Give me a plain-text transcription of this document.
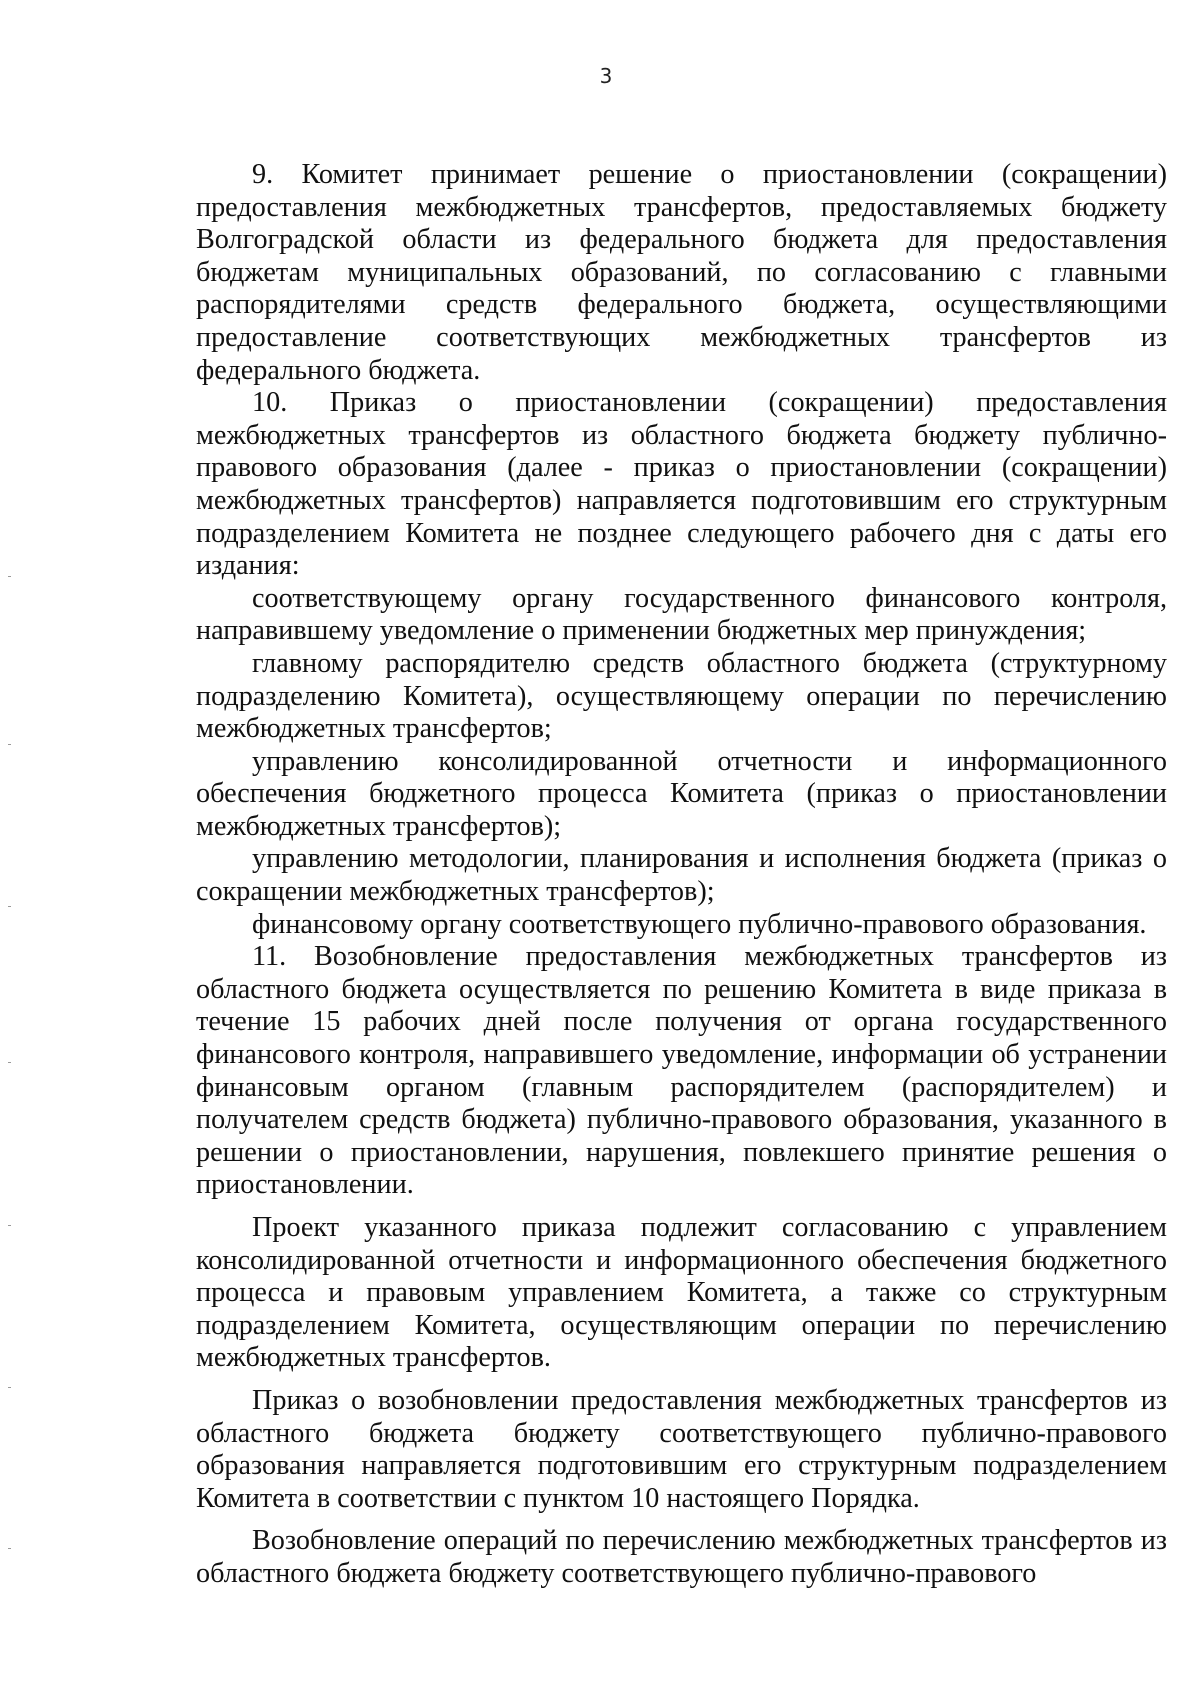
3

9. Комитет принимает решение о приостановлении (сокращении) предоставления межбюджетных трансфертов, предоставляемых бюджету Волгоградской области из федерального бюджета для предоставления бюджетам муниципальных образований, по согласованию с главными распорядителями средств федерального бюджета, осуществляющими предоставление соответствующих межбюджетных трансфертов из федерального бюджета.

10. Приказ о приостановлении (сокращении) предоставления межбюджетных трансфертов из областного бюджета бюджету публично-правового образования (далее - приказ о приостановлении (сокращении) межбюджетных трансфертов) направляется подготовившим его структурным подразделением Комитета не позднее следующего рабочего дня с даты его издания:

соответствующему органу государственного финансового контроля, направившему уведомление о применении бюджетных мер принуждения;

главному распорядителю средств областного бюджета (структурному подразделению Комитета), осуществляющему операции по перечислению межбюджетных трансфертов;

управлению консолидированной отчетности и информационного обеспечения бюджетного процесса Комитета (приказ о приостановлении межбюджетных трансфертов);

управлению методологии, планирования и исполнения бюджета (приказ о сокращении межбюджетных трансфертов);

финансовому органу соответствующего публично-правового образования.

11. Возобновление предоставления межбюджетных трансфертов из областного бюджета осуществляется по решению Комитета в виде приказа в течение 15 рабочих дней после получения от органа государственного финансового контроля, направившего уведомление, информации об устранении финансовым органом (главным распорядителем (распорядителем) и получателем средств бюджета) публично-правового образования, указанного в решении о приостановлении, нарушения, повлекшего принятие решения о приостановлении.

Проект указанного приказа подлежит согласованию с управлением консолидированной отчетности и информационного обеспечения бюджетного процесса и правовым управлением Комитета, а также со структурным подразделением Комитета, осуществляющим операции по перечислению межбюджетных трансфертов.

Приказ о возобновлении предоставления межбюджетных трансфертов из областного бюджета бюджету соответствующего публично-правового образования направляется подготовившим его структурным подразделением Комитета в соответствии с пунктом 10 настоящего Порядка.

Возобновление операций по перечислению межбюджетных трансфертов из областного бюджета бюджету соответствующего публично-правового
